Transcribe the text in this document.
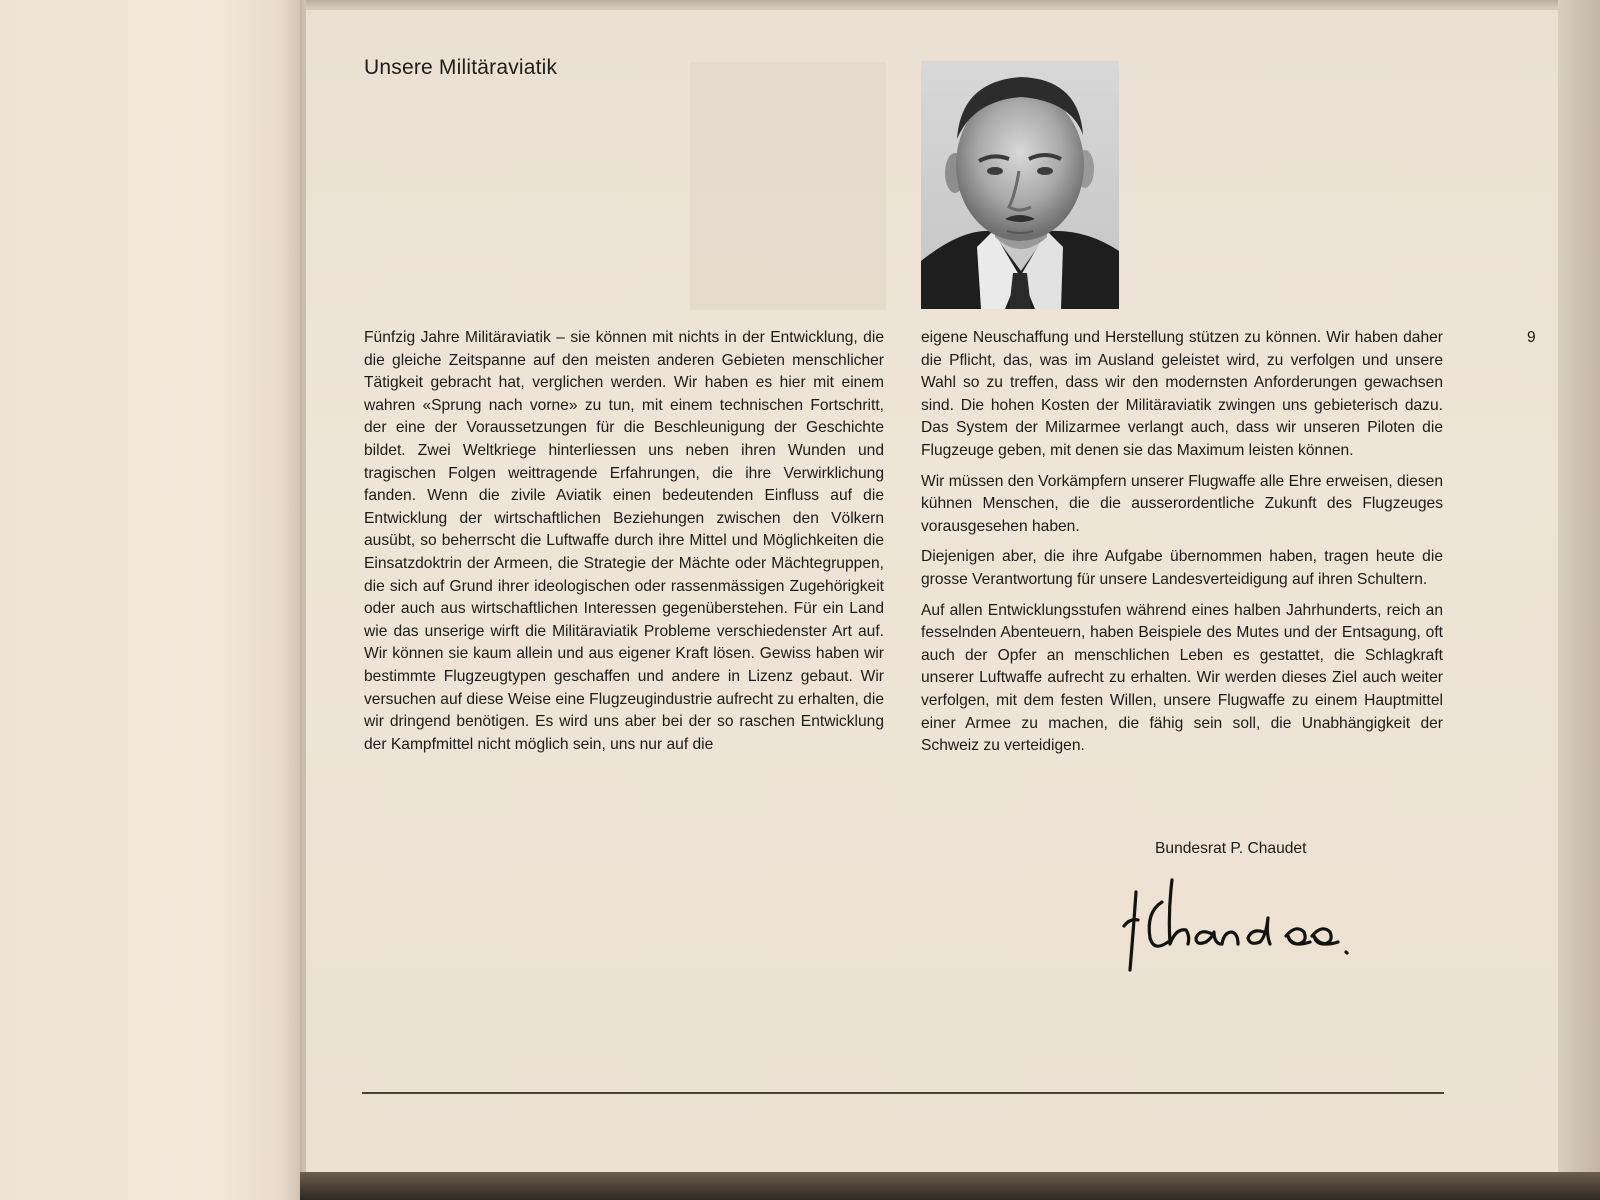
Unsere Militäraviatik

Fünfzig Jahre Militäraviatik – sie können mit nichts in der Entwicklung, die die gleiche Zeitspanne auf den meisten anderen Gebieten menschlicher Tätigkeit gebracht hat, verglichen werden. Wir haben es hier mit einem wahren «Sprung nach vorne» zu tun, mit einem technischen Fortschritt, der eine der Voraussetzungen für die Beschleunigung der Geschichte bildet. Zwei Weltkriege hinterliessen uns neben ihren Wunden und tragischen Folgen weittragende Erfahrungen, die ihre Verwirklichung fanden. Wenn die zivile Aviatik einen bedeutenden Einfluss auf die Entwicklung der wirtschaftlichen Beziehungen zwischen den Völkern ausübt, so beherrscht die Luftwaffe durch ihre Mittel und Möglichkeiten die Einsatzdoktrin der Armeen, die Strategie der Mächte oder Mächtegruppen, die sich auf Grund ihrer ideologischen oder rassenmässigen Zugehörigkeit oder auch aus wirtschaftlichen Interessen gegenüberstehen. Für ein Land wie das unserige wirft die Militäraviatik Probleme verschiedenster Art auf. Wir können sie kaum allein und aus eigener Kraft lösen. Gewiss haben wir bestimmte Flugzeugtypen geschaffen und andere in Lizenz gebaut. Wir versuchen auf diese Weise eine Flugzeugindustrie aufrecht zu erhalten, die wir dringend benötigen. Es wird uns aber bei der so raschen Entwicklung der Kampfmittel nicht möglich sein, uns nur auf die

eigene Neuschaffung und Herstellung stützen zu können. Wir haben daher die Pflicht, das, was im Ausland geleistet wird, zu verfolgen und unsere Wahl so zu treffen, dass wir den modernsten Anforderungen gewachsen sind. Die hohen Kosten der Militäraviatik zwingen uns gebieterisch dazu. Das System der Milizarmee verlangt auch, dass wir unseren Piloten die Flugzeuge geben, mit denen sie das Maximum leisten können.

Wir müssen den Vorkämpfern unserer Flugwaffe alle Ehre erweisen, diesen kühnen Menschen, die die ausserordentliche Zukunft des Flugzeuges vorausgesehen haben.

Diejenigen aber, die ihre Aufgabe übernommen haben, tragen heute die grosse Verantwortung für unsere Landesverteidigung auf ihren Schultern.

Auf allen Entwicklungsstufen während eines halben Jahrhunderts, reich an fesselnden Abenteuern, haben Beispiele des Mutes und der Entsagung, oft auch der Opfer an menschlichen Leben es gestattet, die Schlagkraft unserer Luftwaffe aufrecht zu erhalten. Wir werden dieses Ziel auch weiter verfolgen, mit dem festen Willen, unsere Flugwaffe zu einem Hauptmittel einer Armee zu machen, die fähig sein soll, die Unabhängigkeit der Schweiz zu verteidigen.

9
Bundesrat P. Chaudet
